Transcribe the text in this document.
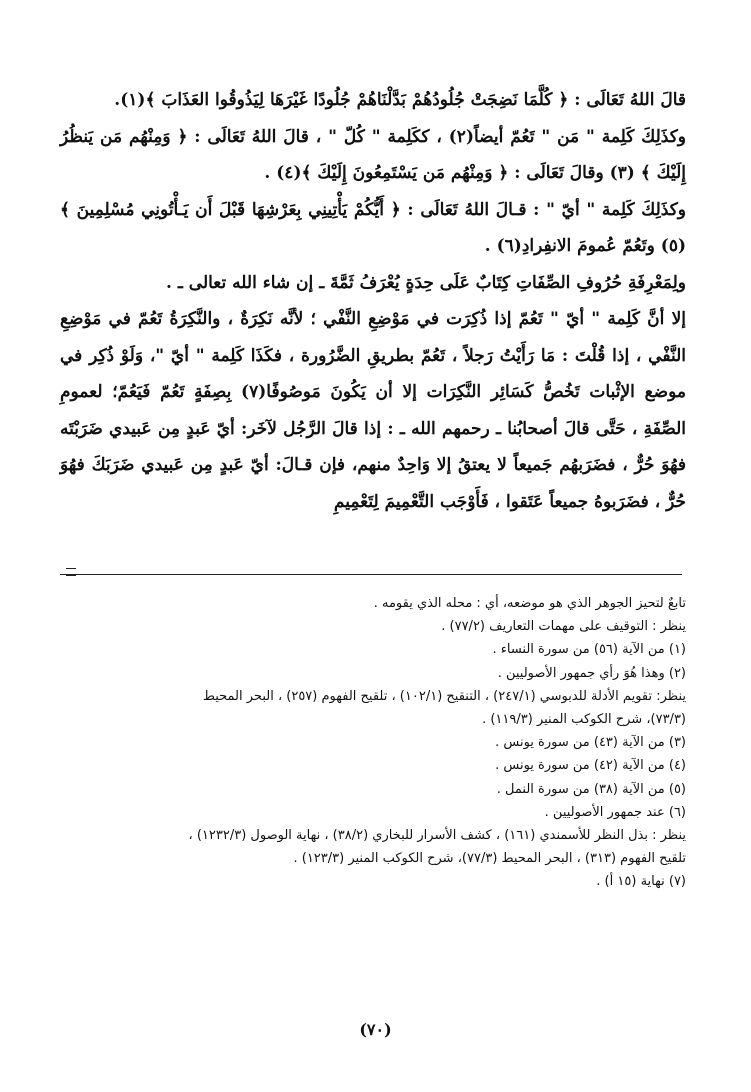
قالَ اللهُ تَعَالَى : ﴿ كُلَّمَا نَضِجَتْ جُلُودُهُمْ بَدَّلْنَاهُمْ جُلُودًا غَيْرَهَا لِيَذُوقُوا العَذَابَ ﴾(١).

وكذَلِكَ كَلِمة " مَن " تَعُمّ أيضاً(٢) ، ككَلِمة " كُلّ " ، قالَ اللهُ تَعَالَى : ﴿ وَمِنْهُم مَن يَنظُرُ إِلَيْكَ ﴾ (٣) وقالَ تَعَالَى : ﴿ وَمِنْهُم مَن يَسْتَمِعُونَ إِلَيْكَ ﴾(٤) .

وكذَلِكَ كَلِمة " أيّ " : قـالَ اللهُ تَعَالَى : ﴿ أَيُّكُمْ يَأْتِينِي بِعَرْشِهَا قَبْلَ أَن يَـأْتُونِي مُسْلِمِينَ ﴾(٥) وتَعُمّ عُمومَ الانفِرادِ(٦) .

ولِمَعْرِفَةِ حُرُوفِ الصِّفَاتِ كِتَابٌ عَلَى حِدَةٍ يُعْرَفُ ثَمَّةَ ـ إن شاء الله تعالى ـ .

إلا أنَّ كَلِمة " أيّ " تَعُمّ إذا ذُكِرَت في مَوْضِعِ النَّفْي ؛ لأنَّه نَكِرَةٌ ، والنَّكِرَةُ تَعُمّ في مَوْضِعِ النَّفْي ، إذا قُلْتَ : مَا رَأَيْتُ رَجلاً ، تَعُمّ بطريقِ الضَّرُورة ، فكَذَا كَلِمة " أيّ "، وَلَوْ ذُكِر في موضع الإثْبات تَخُصُّ كَسَائِر النَّكِرَات إلا أن يَكُونَ مَوصُوفًا(٧) بِصِفَةٍ تَعُمّ فَيَعُمّ؛ لعمومِ الصِّفَةِ ، حَتَّى قالَ أصحابُنا ـ رحمهم الله ـ : إذا قالَ الرَّجُل لآخَر: أيّ عَبدٍ مِن عَبيدي ضَرَبْتَه فهُوَ حُرٌّ ، فضَرَبهُم جَميعاً لا يعتقُ إلا وَاحِدٌ منهم، فإن قـالَ: أيّ عَبدٍ مِن عَبيدي ضَرَبَكَ فهُوَ حُرٌّ ، فضَرَبوهُ جميعاً عَتَقوا ، فَأَوْجَب التَّعْمِيمَ لِتَعْمِيمِ

تابعٌ لتحيز الجوهر الذي هو موضعه، أي : محله الذي يقومه .
ينظر : التوقيف على مهمات التعاريف (٧٧/٢) .
(١) من الآية (٥٦) من سورة النساء .
(٢) وهذا هُوَ رأي جمهور الأصوليين .
ينظر: تقويم الأدلة للدبوسي (٢٤٧/١) ، التنقيح (١٠٢/١) ، تلقيح الفهوم (٢٥٧) ، البحر المحيط
(٧٣/٣)، شرح الكوكب المنير (١١٩/٣) .
(٣) من الآية (٤٣) من سورة يونس .
(٤) من الآية (٤٢) من سورة يونس .
(٥) من الآية (٣٨) من سورة النمل .
(٦) عند جمهور الأصوليين .
ينظر : بذل النظر للأسمندي (١٦١) ، كشف الأسرار للبخاري (٣٨/٢) ، نهاية الوصول (١٢٣٢/٣) ،
تلقيح الفهوم (٣١٣) ، البحر المحيط (٧٧/٣)، شرح الكوكب المنير (١٢٣/٣) .
(٧) نهاية (١٥ أ) .
(٧٠)
